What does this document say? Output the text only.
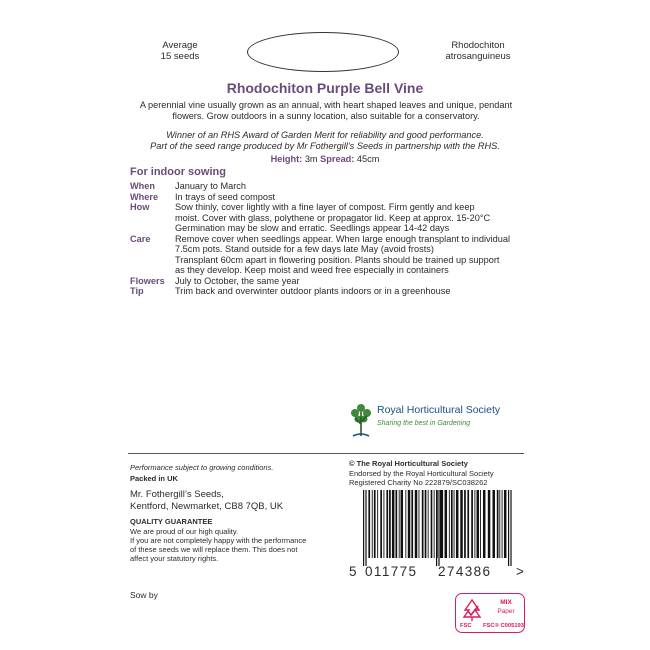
Average
15 seeds
Rhodochiton
atrosanguineus
Rhodochiton Purple Bell Vine
A perennial vine usually grown as an annual, with heart shaped leaves and unique, pendant flowers. Grow outdoors in a sunny location, also suitable for a conservatory.
Winner of an RHS Award of Garden Merit for reliability and good performance.
Part of the seed range produced by Mr Fothergill’s Seeds in partnership with the RHS.
Height: 3m Spread: 45cm
For indoor sowing
When	January to March
Where	In trays of seed compost
How	Sow thinly, cover lightly with a fine layer of compost. Firm gently and keep
moist. Cover with glass, polythene or propagator lid. Keep at approx. 15-20°C
Germination may be slow and erratic. Seedlings appear 14-42 days
Care	Remove cover when seedlings appear. When large enough transplant to individual
7.5cm pots. Stand outside for a few days late May (avoid frosts)
Transplant 60cm apart in flowering position. Plants should be trained up support
as they develop. Keep moist and weed free especially in containers
Flowers	July to October, the same year
Tip	Trim back and overwinter outdoor plants indoors or in a greenhouse
Royal Horticultural Society
Sharing the best in Gardening
Performance subject to growing conditions.
Packed in UK
Mr. Fothergill’s Seeds,
Kentford, Newmarket, CB8 7QB, UK
QUALITY GUARANTEE
We are proud of our high quality.
If you are not completely happy with the performance
of these seeds we will replace them. This does not
affect your statutory rights.
Sow by
© The Royal Horticultural Society
Endorsed by the Royal Horticultural Society
Registered Charity No 222879/SC038262
5 011775 274386 >
MIX
Paper
FSC FSC® C005193
